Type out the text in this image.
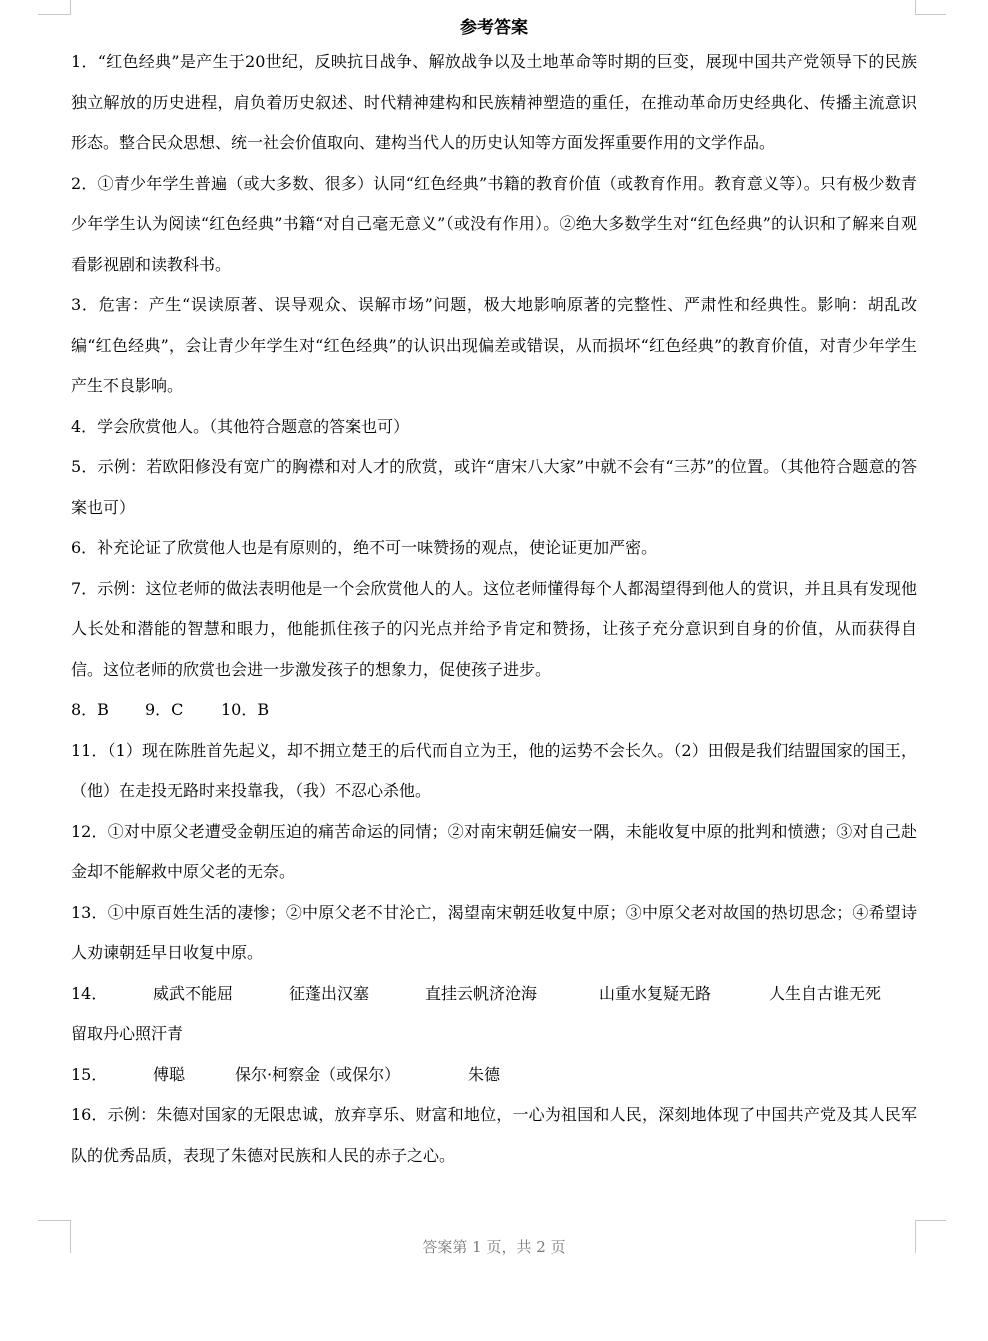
参考答案

1．“红色经典”是产生于20世纪，反映抗日战争、解放战争以及土地革命等时期的巨变，展现中国共产党领导下的民族独立解放的历史进程，肩负着历史叙述、时代精神建构和民族精神塑造的重任，在推动革命历史经典化、传播主流意识形态。整合民众思想、统一社会价值取向、建构当代人的历史认知等方面发挥重要作用的文学作品。

2．①青少年学生普遍（或大多数、很多）认同“红色经典”书籍的教育价值（或教育作用。教育意义等）。只有极少数青少年学生认为阅读“红色经典”书籍“对自己毫无意义”（或没有作用）。②绝大多数学生对“红色经典”的认识和了解来自观看影视剧和读教科书。

3．危害：产生“误读原著、误导观众、误解市场”问题，极大地影响原著的完整性、严肃性和经典性。影响：胡乱改编“红色经典”，会让青少年学生对“红色经典”的认识出现偏差或错误，从而损坏“红色经典”的教育价值，对青少年学生产生不良影响。

4．学会欣赏他人。（其他符合题意的答案也可）

5．示例：若欧阳修没有宽广的胸襟和对人才的欣赏，或许“唐宋八大家”中就不会有“三苏”的位置。（其他符合题意的答案也可）

6．补充论证了欣赏他人也是有原则的，绝不可一味赞扬的观点，使论证更加严密。

7．示例：这位老师的做法表明他是一个会欣赏他人的人。这位老师懂得每个人都渴望得到他人的赏识，并且具有发现他人长处和潜能的智慧和眼力，他能抓住孩子的闪光点并给予肯定和赞扬，让孩子充分意识到自身的价值，从而获得自信。这位老师的欣赏也会进一步激发孩子的想象力，促使孩子进步。

8．B	9．C	10．B

11．（1）现在陈胜首先起义，却不拥立楚王的后代而自立为王，他的运势不会长久。（2）田假是我们结盟国家的国王，（他）在走投无路时来投靠我，（我）不忍心杀他。

12．①对中原父老遭受金朝压迫的痛苦命运的同情；②对南宋朝廷偏安一隅，未能收复中原的批判和愤懑；③对自己赴金却不能解救中原父老的无奈。

13．①中原百姓生活的凄惨；②中原父老不甘沦亡，渴望南宋朝廷收复中原；③中原父老对故国的热切思念；④希望诗人劝谏朝廷早日收复中原。

14．	威武不能屈	征蓬出汉塞	直挂云帆济沧海	山重水复疑无路	人生自古谁无死

留取丹心照汗青

15．	傅聪	保尔·柯察金（或保尔）	朱德

16．示例：朱德对国家的无限忠诚，放弃享乐、财富和地位，一心为祖国和人民，深刻地体现了中国共产党及其人民军队的优秀品质，表现了朱德对民族和人民的赤子之心。

答案第 1 页，共 2 页
